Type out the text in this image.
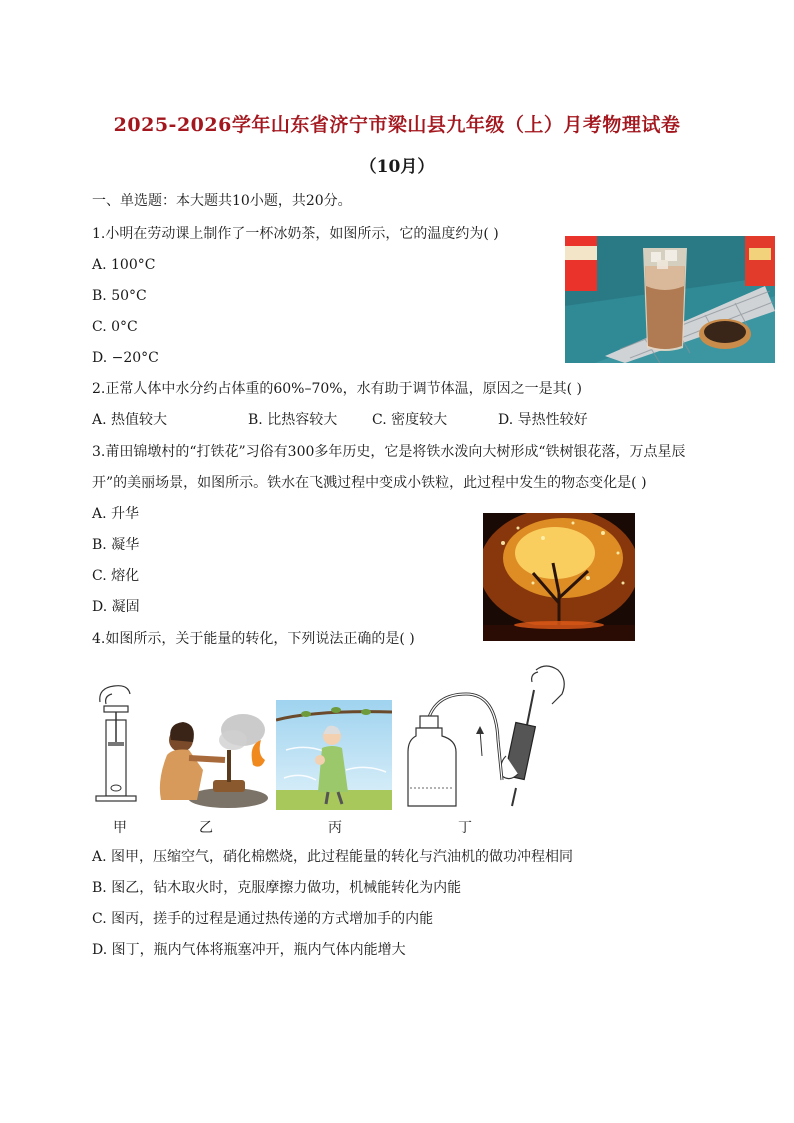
2025-2026学年山东省济宁市梁山县九年级（上）月考物理试卷
（10月）
一、单选题：本大题共10小题，共20分。
1.小明在劳动课上制作了一杯冰奶茶，如图所示，它的温度约为( )
A. 100°C
B. 50°C
C. 0°C
D. −20°C
2.正常人体中水分约占体重的60%–70%，水有助于调节体温，原因之一是其( )
A. 热值较大	B. 比热容较大 C. 密度较大	D. 导热性较好
3.莆田锦墩村的“打铁花”习俗有300多年历史，它是将铁水泼向大树形成“铁树银花落，万点星辰
开”的美丽场景，如图所示。铁水在飞溅过程中变成小铁粒，此过程中发生的物态变化是( )
A. 升华
B. 凝华
C. 熔化
D. 凝固
4.如图所示，关于能量的转化，下列说法正确的是( )
甲	乙	丙	丁
A. 图甲，压缩空气，硝化棉燃烧，此过程能量的转化与汽油机的做功冲程相同
B. 图乙，钻木取火时，克服摩擦力做功，机械能转化为内能
C. 图丙，搓手的过程是通过热传递的方式增加手的内能
D. 图丁，瓶内气体将瓶塞冲开，瓶内气体内能增大
